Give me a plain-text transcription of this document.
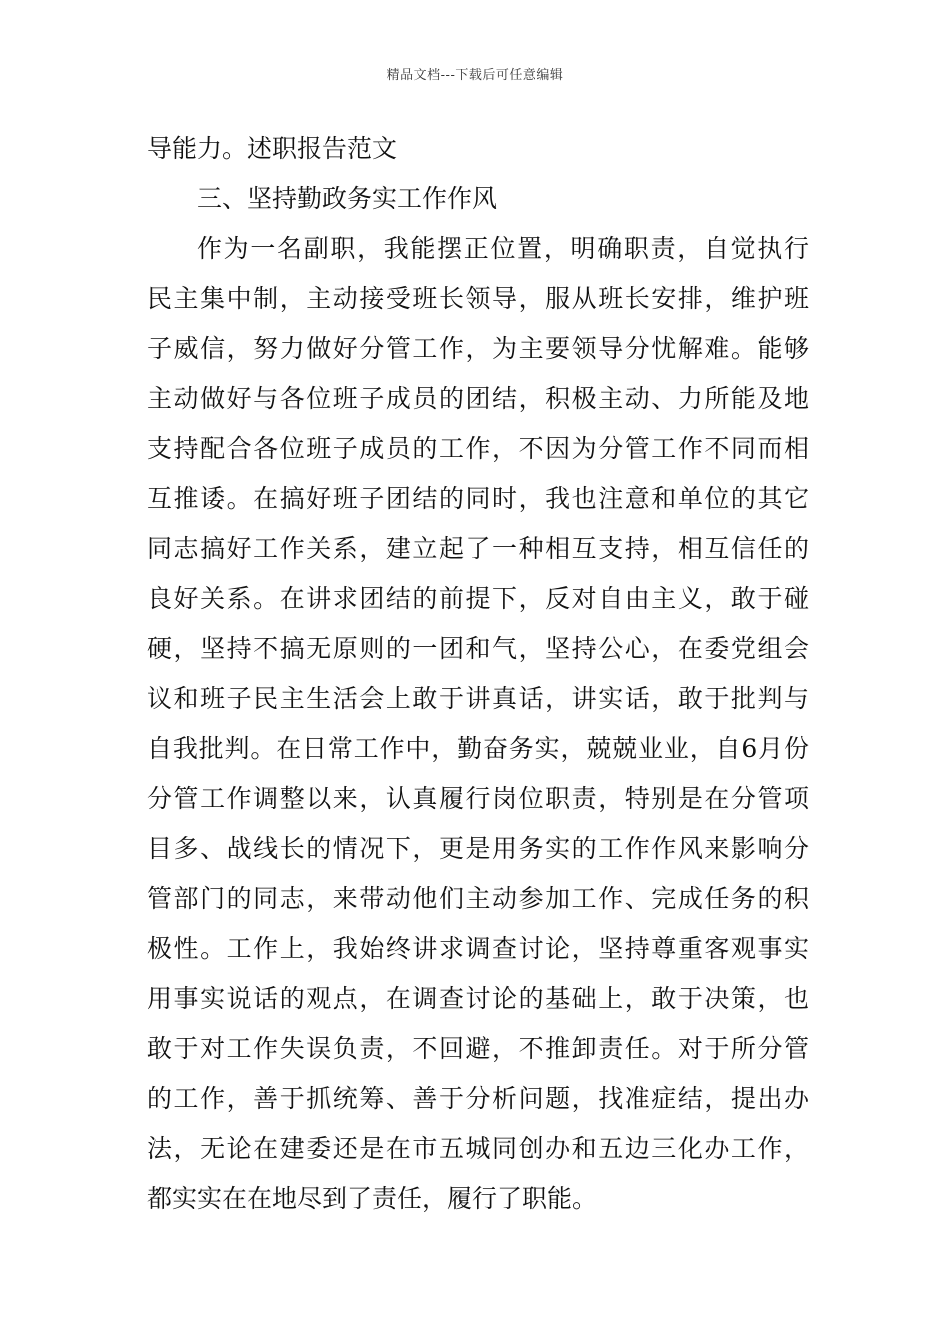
精品文档---下载后可任意编辑
导能力。述职报告范文
三、坚持勤政务实工作作风
作为一名副职，我能摆正位置，明确职责，自觉执行
民主集中制，主动接受班长领导，服从班长安排，维护班
子威信，努力做好分管工作，为主要领导分忧解难。能够
主动做好与各位班子成员的团结，积极主动、力所能及地
支持配合各位班子成员的工作，不因为分管工作不同而相
互推诿。在搞好班子团结的同时，我也注意和单位的其它
同志搞好工作关系，建立起了一种相互支持，相互信任的
良好关系。在讲求团结的前提下，反对自由主义，敢于碰
硬，坚持不搞无原则的一团和气，坚持公心，在委党组会
议和班子民主生活会上敢于讲真话，讲实话，敢于批判与
自我批判。在日常工作中，勤奋务实，兢兢业业，自6月份
分管工作调整以来，认真履行岗位职责，特别是在分管项
目多、战线长的情况下，更是用务实的工作作风来影响分
管部门的同志，来带动他们主动参加工作、完成任务的积
极性。工作上，我始终讲求调查讨论，坚持尊重客观事实
用事实说话的观点，在调查讨论的基础上，敢于决策，也
敢于对工作失误负责，不回避，不推卸责任。对于所分管
的工作，善于抓统筹、善于分析问题，找准症结，提出办
法，无论在建委还是在市五城同创办和五边三化办工作，
都实实在在地尽到了责任，履行了职能。
